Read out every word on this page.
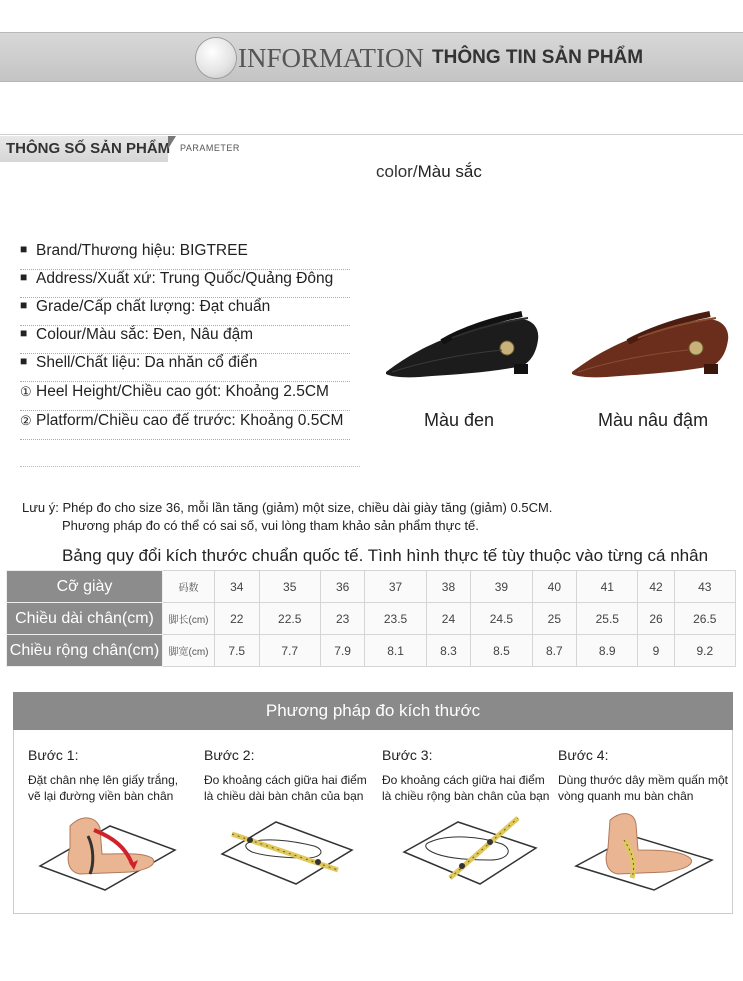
INFORMATION THÔNG TIN SẢN PHẨM
THÔNG SỐ SẢN PHẨM PARAMETER
color/Màu sắc
■ Brand/Thương hiệu: BIGTREE
■ Address/Xuất xứ: Trung Quốc/Quảng Đông
■ Grade/Cấp chất lượng: Đạt chuẩn
■ Colour/Màu sắc: Đen, Nâu đậm
■ Shell/Chất liệu: Da nhăn cổ điển
① Heel Height/Chiều cao gót: Khoảng 2.5CM
② Platform/Chiều cao đế trước: Khoảng 0.5CM	Màu đen	Màu nâu đậm
Lưu ý: Phép đo cho size 36, mỗi lần tăng (giảm) một size, chiều dài giày tăng (giảm) 0.5CM.
Phương pháp đo có thể có sai số, vui lòng tham khảo sản phẩm thực tế.
Bảng quy đổi kích thước chuẩn quốc tế. Tình hình thực tế tùy thuộc vào từng cá nhân
Cỡ giày	码数	34	35	36	37	38	39	40	41	42	43
Chiều dài chân(cm)	脚长(cm)	22	22.5	23	23.5	24	24.5	25	25.5	26	26.5
Chiều rộng chân(cm)	脚宽(cm)	7.5	7.7	7.9	8.1	8.3	8.5	8.7	8.9	9	9.2
Phương pháp đo kích thước
Bước 1:
Đặt chân nhẹ lên giấy trắng,
vẽ lại đường viền bàn chân
Bước 2:
Đo khoảng cách giữa hai điểm
là chiều dài bàn chân của bạn
Bước 3:
Đo khoảng cách giữa hai điểm
là chiều rộng bàn chân của bạn
Bước 4:
Dùng thước dây mềm quấn một
vòng quanh mu bàn chân
